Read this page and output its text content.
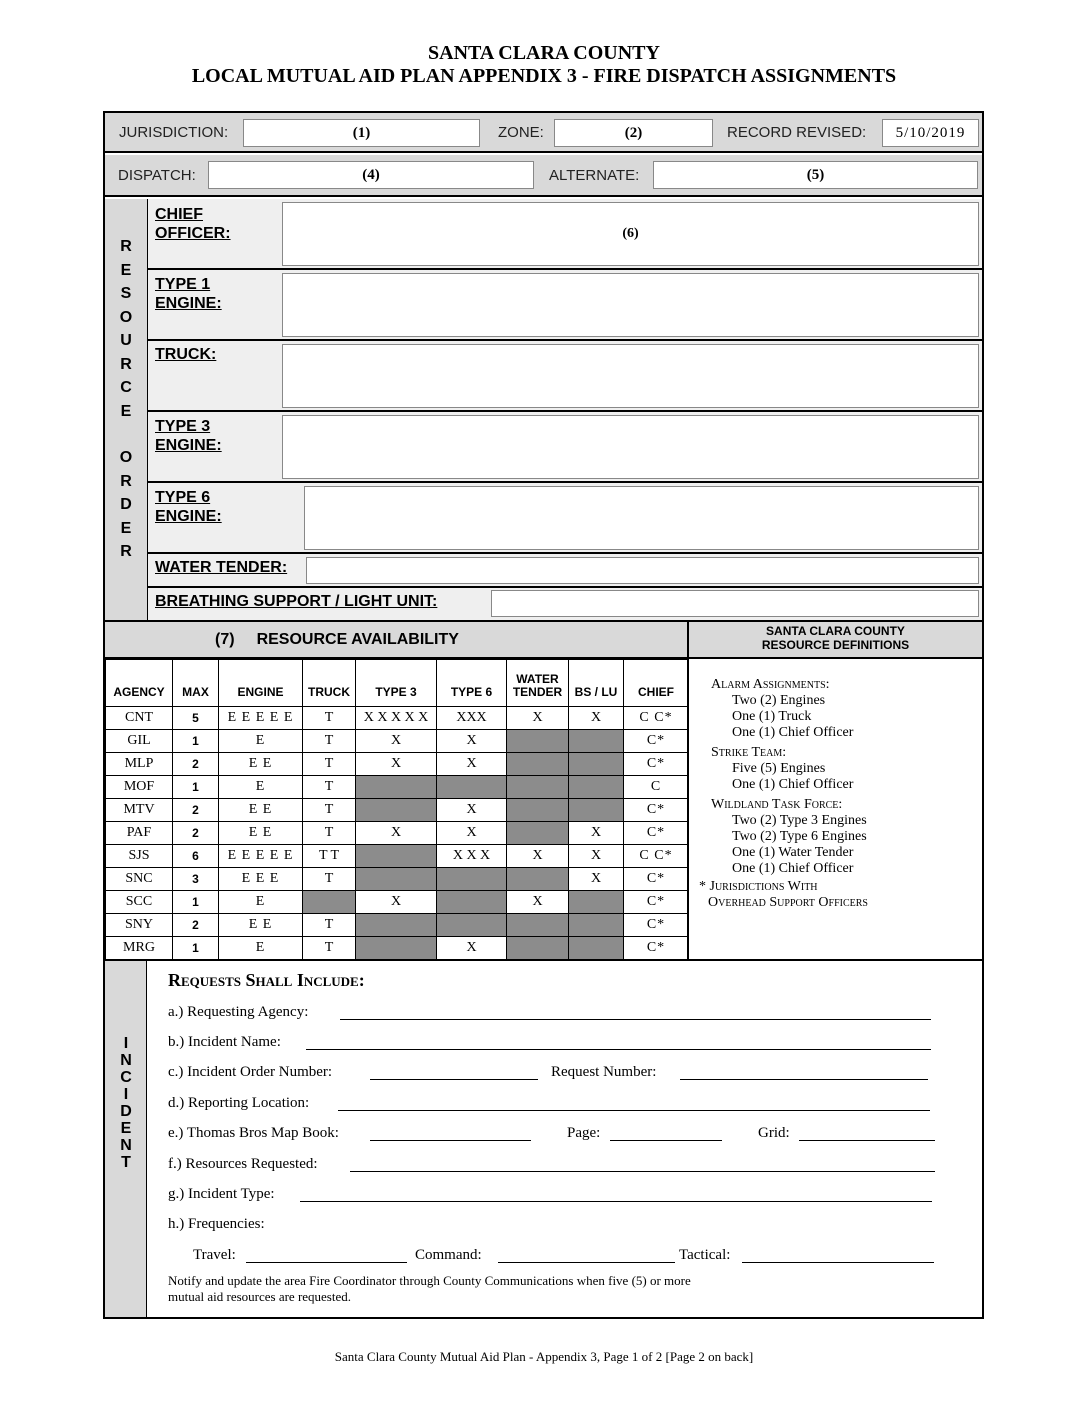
SANTA CLARA COUNTY
LOCAL MUTUAL AID PLAN APPENDIX 3 - FIRE DISPATCH ASSIGNMENTS
JURISDICTION:	(1)	ZONE:	(2)	RECORD REVISED:	5/10/2019
DISPATCH:	(4)	ALTERNATE:	(5)
R
E
S
O
U
R
C
E
O
R
D
E
R
CHIEF
OFFICER:	(6)
TYPE 1
ENGINE:
TRUCK:
TYPE 3
ENGINE:
TYPE 6
ENGINE:
WATER TENDER:
BREATHING SUPPORT / LIGHT UNIT:
(7) RESOURCE AVAILABILITY	SANTA CLARA COUNTY
RESOURCE DEFINITIONS
AGENCY	MAX	ENGINE	TRUCK	TYPE 3	TYPE 6	WATER TENDER	BS / LU	CHIEF
CNT	5	E E E E E	T	X X X X X	XXX	X	X	C C*
GIL	1	E	T	X	X			C*
MLP	2	E E	T	X	X			C*
MOF	1	E	T					C
MTV	2	E E	T		X			C*
PAF	2	E E	T	X	X		X	C*
SJS	6	E E E E E	T T		X X X	X	X	C C*
SNC	3	E E E	T				X	C*
SCC	1	E		X		X		C*
SNY	2	E E	T					C*
MRG	1	E	T		X			C*
Alarm Assignments:
Two (2) Engines
One (1) Truck
One (1) Chief Officer
Strike Team:
Five (5) Engines
One (1) Chief Officer
Wildland Task Force:
Two (2) Type 3 Engines
Two (2) Type 6 Engines
One (1) Water Tender
One (1) Chief Officer
* Jurisdictions With
Overhead Support Officers
I
N
C
I
D
E
N
T
Requests Shall Include:
a.) Requesting Agency:
b.) Incident Name:
c.) Incident Order Number:	Request Number:
d.) Reporting Location:
e.) Thomas Bros Map Book:	Page:	Grid:
f.) Resources Requested:
g.) Incident Type:
h.) Frequencies:
Travel:	Command:	Tactical:
Notify and update the area Fire Coordinator through County Communications when five (5) or more
mutual aid resources are requested.
Santa Clara County Mutual Aid Plan - Appendix 3, Page 1 of 2 [Page 2 on back]
